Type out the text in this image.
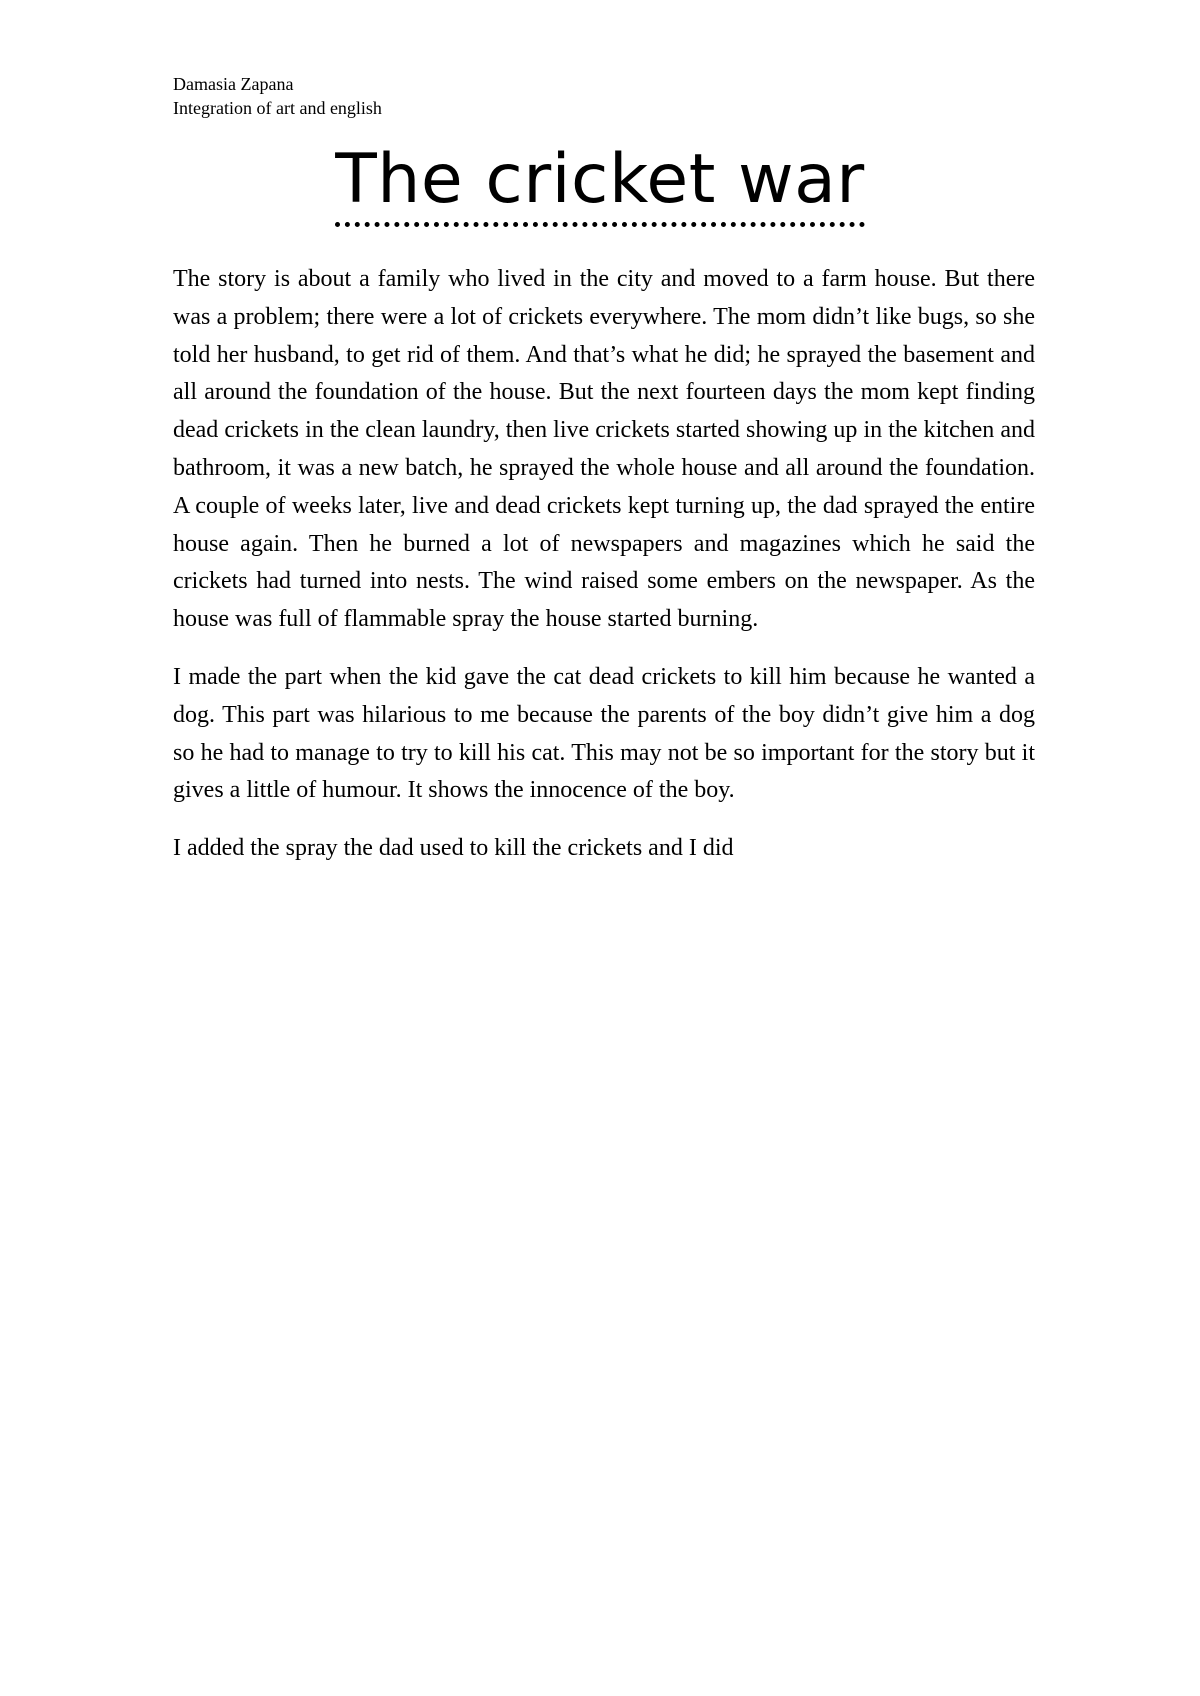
Damasia Zapana
Integration of art and english
The cricket war

The story is about a family who lived in the city and moved to a farm house. But there was a problem; there were a lot of crickets everywhere. The mom didn’t like bugs, so she told her husband, to get rid of them. And that’s what he did; he sprayed the basement and all around the foundation of the house. But the next fourteen days the mom kept finding dead crickets in the clean laundry, then live crickets started showing up in the kitchen and bathroom, it was a new batch, he sprayed the whole house and all around the foundation. A couple of weeks later, live and dead crickets kept turning up, the dad sprayed the entire house again. Then he burned a lot of newspapers and magazines which he said the crickets had turned into nests. The wind raised some embers on the newspaper. As the house was full of flammable spray the house started burning.

I made the part when the kid gave the cat dead crickets to kill him because he wanted a dog. This part was hilarious to me because the parents of the boy didn’t give him a dog so he had to manage to try to kill his cat. This may not be so important for the story but it gives a little of humour. It shows the innocence of the boy.

I added the spray the dad used to kill the crickets and I did
